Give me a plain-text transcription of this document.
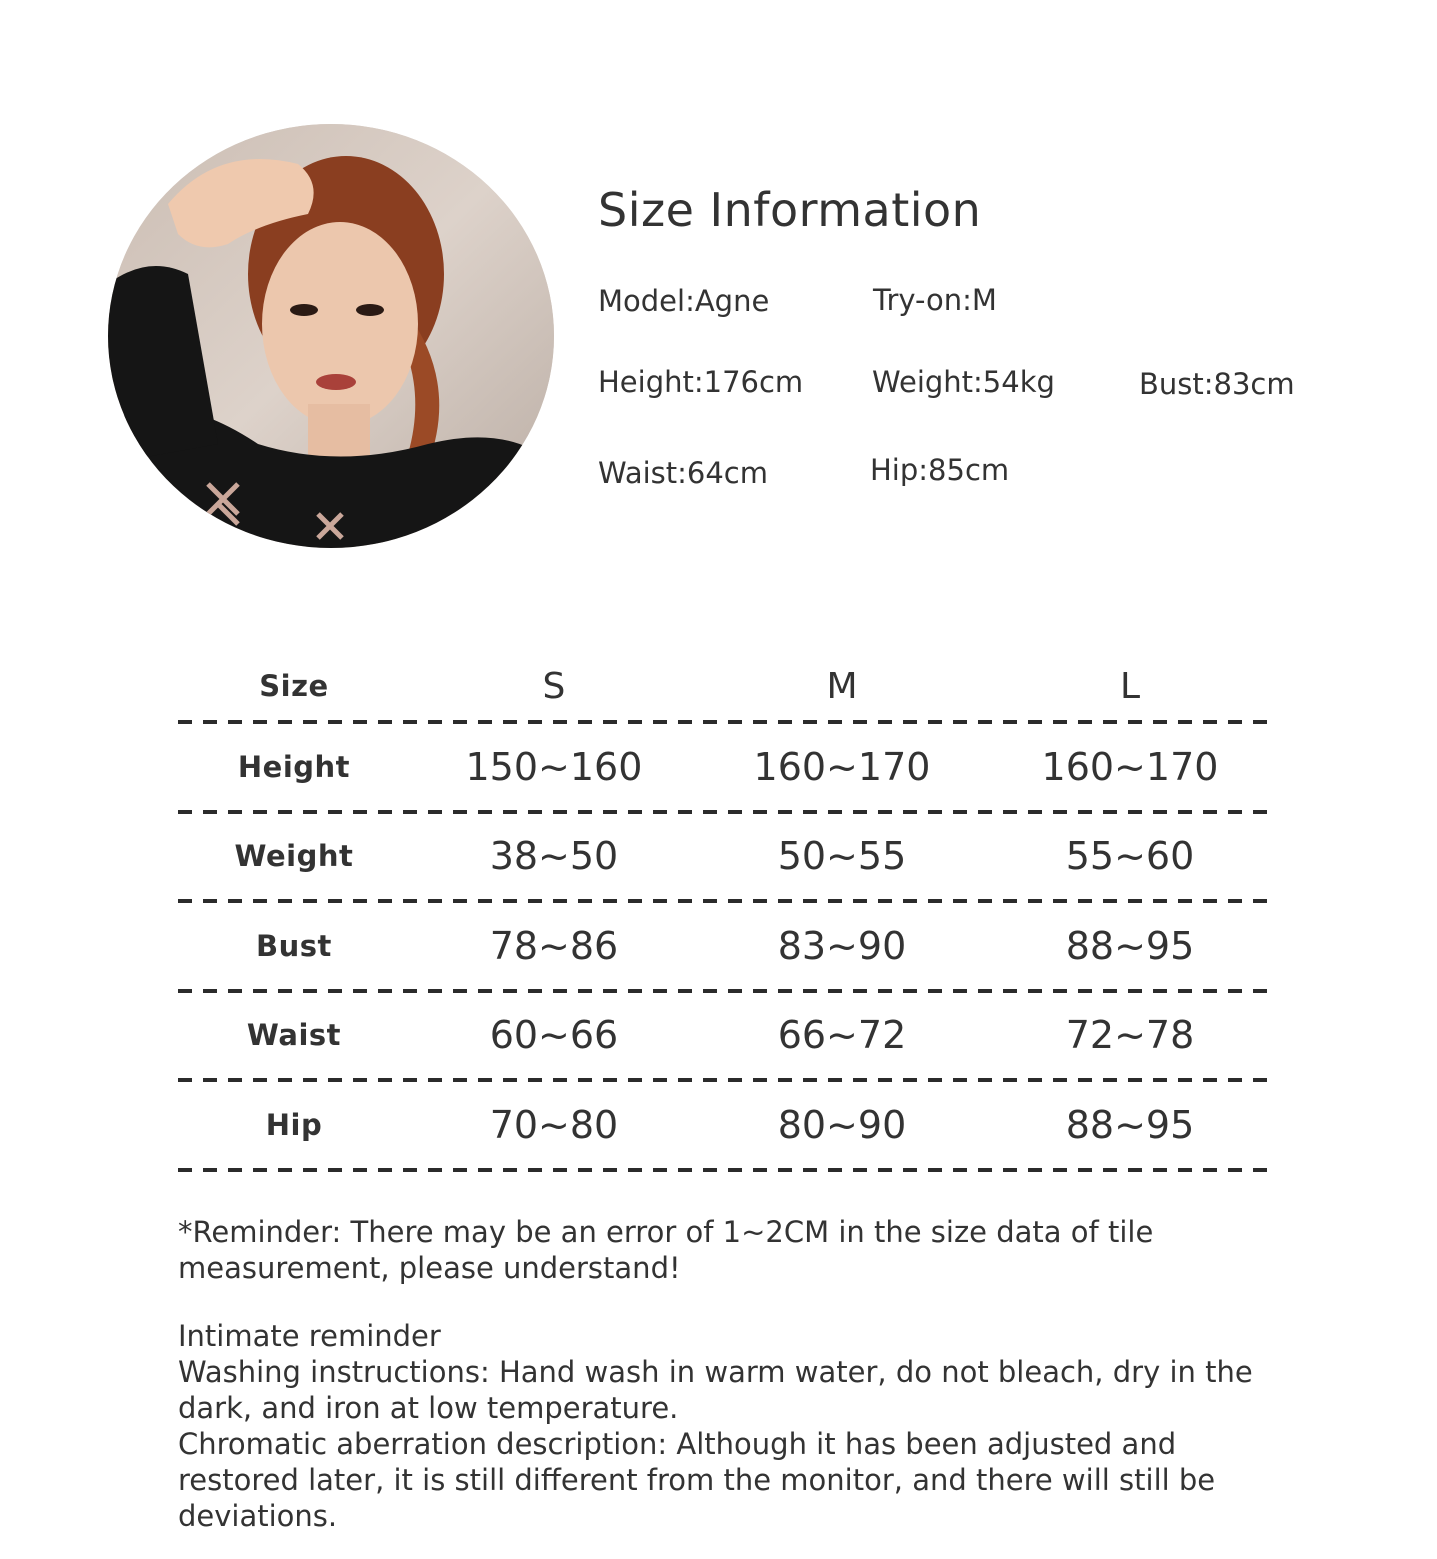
Size Information
Model:Agne	Try-on:M
Height:176cm Weight:54kg	Bust:83cm
Waist:64cm	Hip:85cm
Size	S	M	L
Height	150~160	160~170	160~170
Weight	38~50	50~55	55~60
Bust	78~86	83~90	88~95
Waist	60~66	66~72	72~78
Hip	70~80	80~90	88~95

*Reminder: There may be an error of 1~2CM in the size data of tile measurement, please understand!

Intimate reminder

Washing instructions: Hand wash in warm water, do not bleach, dry in the dark, and iron at low temperature.

Chromatic aberration description: Although it has been adjusted and restored later, it is still different from the monitor, and there will still be deviations.
